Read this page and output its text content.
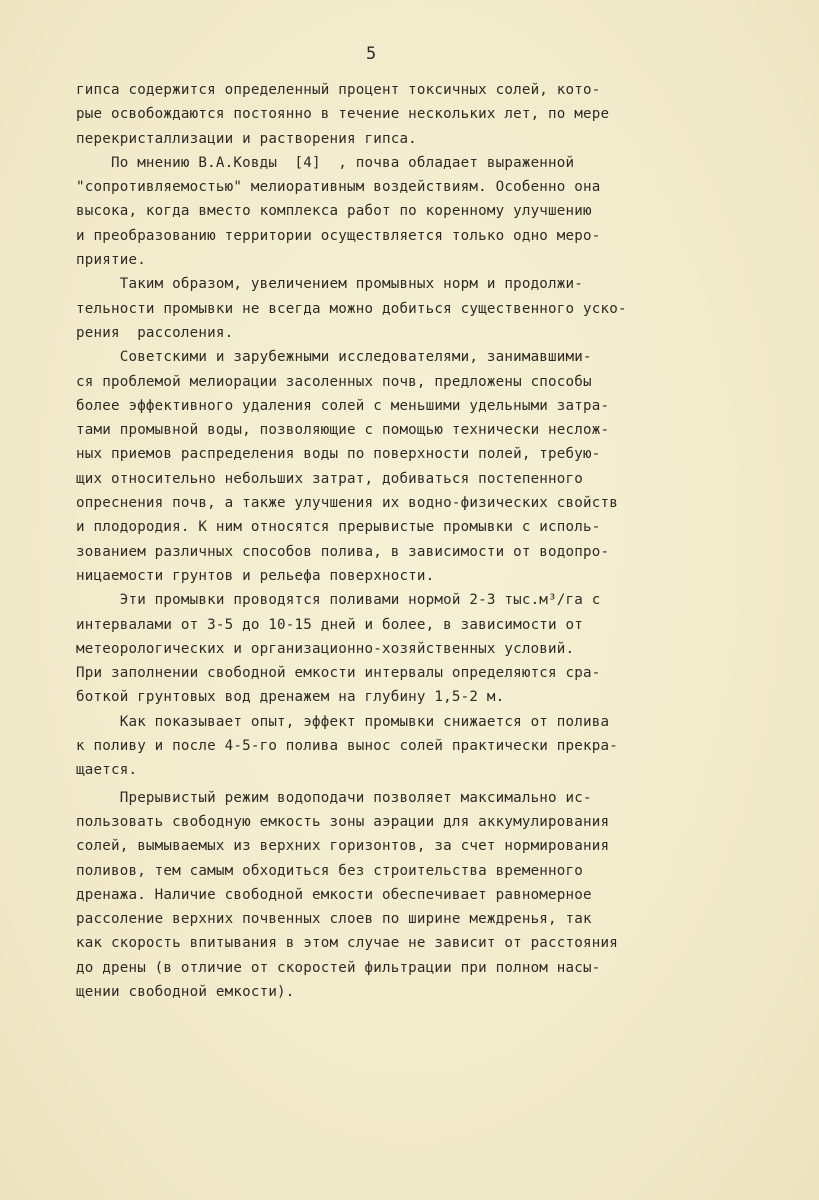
5
гипса содержится определенный процент токсичных солей, кото-
рые освобождаются постоянно в течение нескольких лет, по мере
перекристаллизации и растворения гипса.
По мнению В.А.Ковды  [4]  , почва обладает выраженной
"сопротивляемостью" мелиоративным воздействиям. Особенно она
высока, когда вместо комплекса работ по коренному улучшению
и преобразованию территории осуществляется только одно меро-
приятие.
Таким образом, увеличением промывных норм и продолжи-
тельности промывки не всегда можно добиться существенного уско-
рения  рассоления.
Советскими и зарубежными исследователями, занимавшими-
ся проблемой мелиорации засоленных почв, предложены способы
более эффективного удаления солей с меньшими удельными затра-
тами промывной воды, позволяющие с помощью технически неслож-
ных приемов распределения воды по поверхности полей, требую-
щих относительно небольших затрат, добиваться постепенного
опреснения почв, а также улучшения их водно-физических свойств
и плодородия. К ним относятся прерывистые промывки с исполь-
зованием различных способов полива, в зависимости от водопро-
ницаемости грунтов и рельефа поверхности.
Эти промывки проводятся поливами нормой 2-3 тыс.м³/га с
интервалами от 3-5 до 10-15 дней и более, в зависимости от
метеорологических и организационно-хозяйственных условий.
При заполнении свободной емкости интервалы определяются сра-
боткой грунтовых вод дренажем на глубину 1,5-2 м.
Как показывает опыт, эффект промывки снижается от полива
к поливу и после 4-5-го полива вынос солей практически прекра-
щается.
Прерывистый режим водоподачи позволяет максимально ис-
пользовать свободную емкость зоны аэрации для аккумулирования
солей, вымываемых из верхних горизонтов, за счет нормирования
поливов, тем самым обходиться без строительства временного
дренажа. Наличие свободной емкости обеспечивает равномерное
рассоление верхних почвенных слоев по ширине междренья, так
как скорость впитывания в этом случае не зависит от расстояния
до дрены (в отличие от скоростей фильтрации при полном насы-
щении свободной емкости).
